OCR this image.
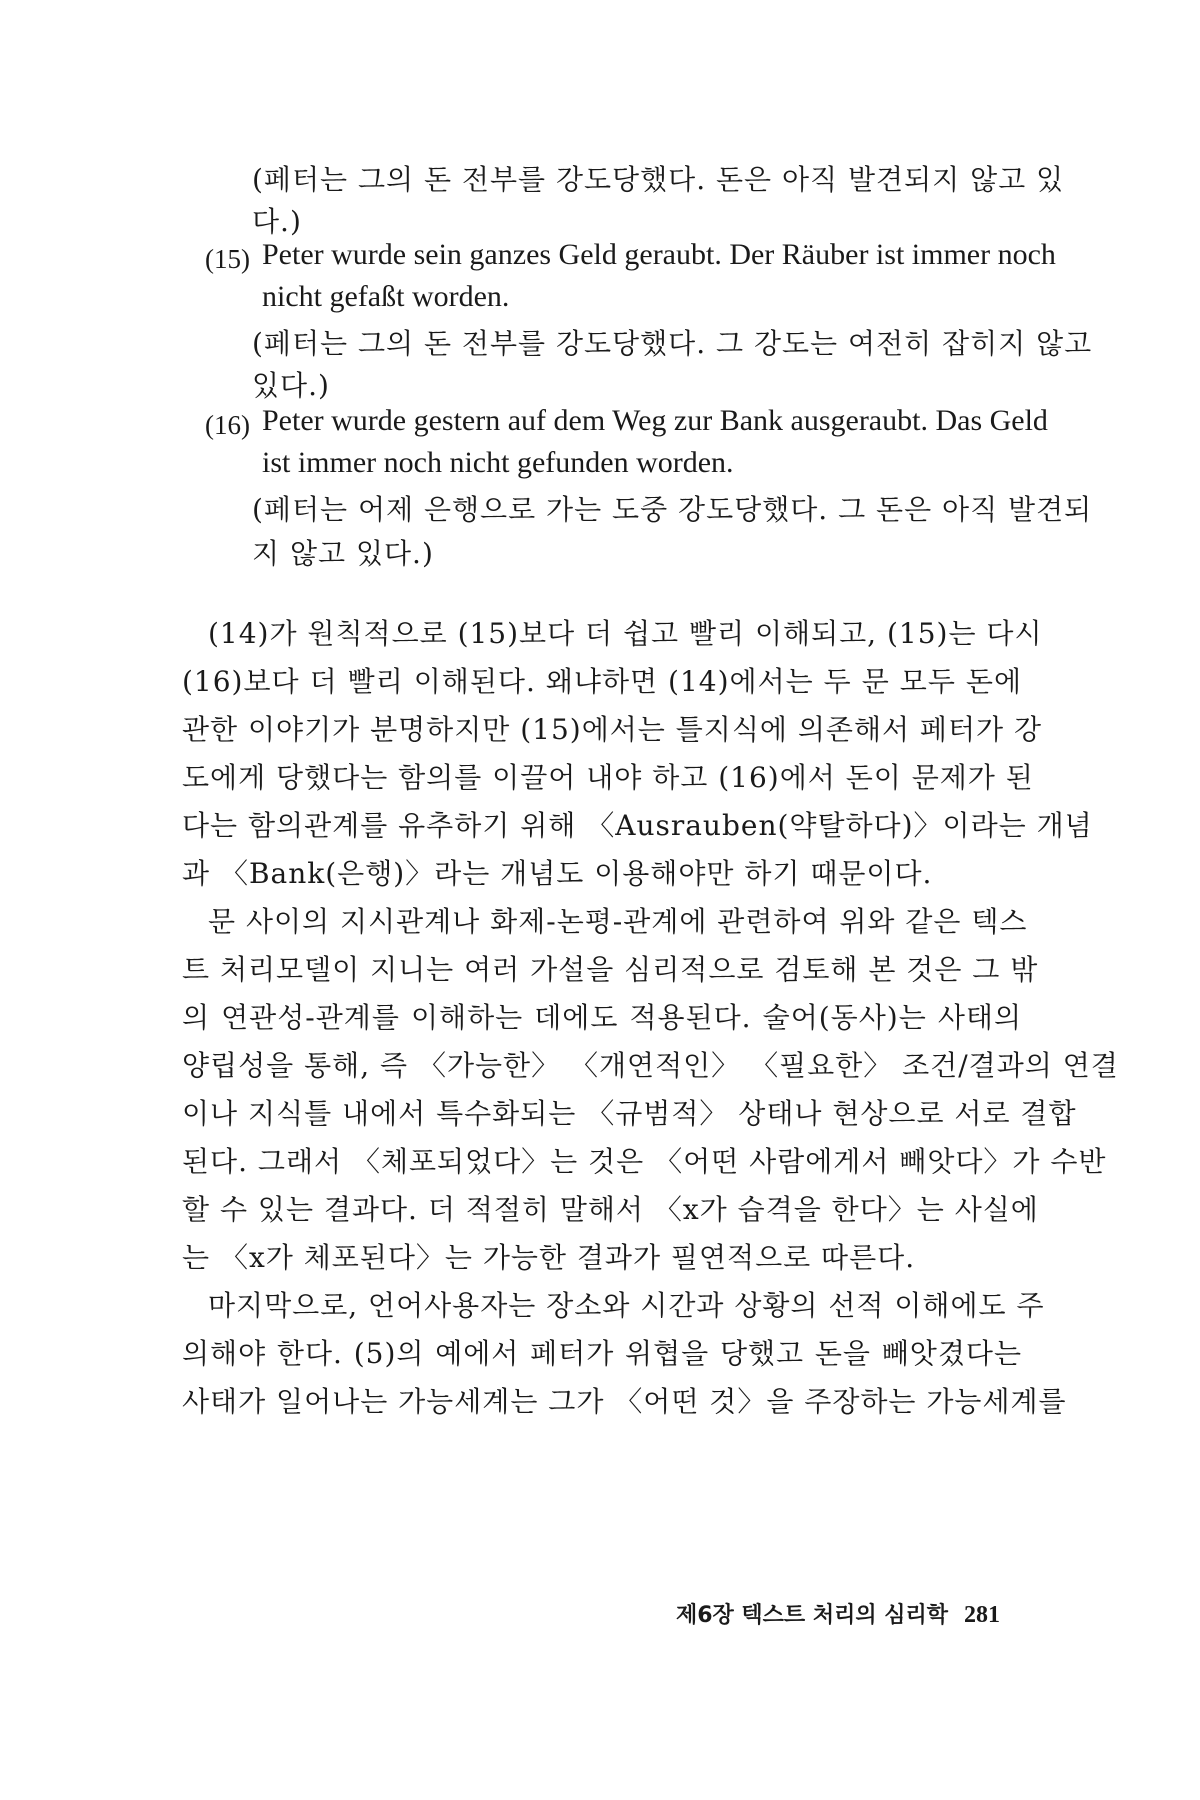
(페터는 그의 돈 전부를 강도당했다. 돈은 아직 발견되지 않고 있
다.)
(15) Peter wurde sein ganzes Geld geraubt. Der Räuber ist immer noch
nicht gefaßt worden.
(페터는 그의 돈 전부를 강도당했다. 그 강도는 여전히 잡히지 않고
있다.)
(16) Peter wurde gestern auf dem Weg zur Bank ausgeraubt. Das Geld
ist immer noch nicht gefunden worden.
(페터는 어제 은행으로 가는 도중 강도당했다. 그 돈은 아직 발견되
지 않고 있다.)
(14)가 원칙적으로 (15)보다 더 쉽고 빨리 이해되고, (15)는 다시
(16)보다 더 빨리 이해된다. 왜냐하면 (14)에서는 두 문 모두 돈에
관한 이야기가 분명하지만 (15)에서는 틀지식에 의존해서 페터가 강
도에게 당했다는 함의를 이끌어 내야 하고 (16)에서 돈이 문제가 된
다는 함의관계를 유추하기 위해 〈Ausrauben(약탈하다)〉이라는 개념
과 〈Bank(은행)〉라는 개념도 이용해야만 하기 때문이다.
문 사이의 지시관계나 화제-논평-관계에 관련하여 위와 같은 텍스
트 처리모델이 지니는 여러 가설을 심리적으로 검토해 본 것은 그 밖
의 연관성-관계를 이해하는 데에도 적용된다. 술어(동사)는 사태의
양립성을 통해, 즉 〈가능한〉 〈개연적인〉 〈필요한〉 조건/결과의 연결
이나 지식틀 내에서 특수화되는 〈규범적〉 상태나 현상으로 서로 결합
된다. 그래서 〈체포되었다〉는 것은 〈어떤 사람에게서 빼앗다〉가 수반
할 수 있는 결과다. 더 적절히 말해서 〈x가 습격을 한다〉는 사실에
는 〈x가 체포된다〉는 가능한 결과가 필연적으로 따른다.
마지막으로, 언어사용자는 장소와 시간과 상황의 선적 이해에도 주
의해야 한다. (5)의 예에서 페터가 위협을 당했고 돈을 빼앗겼다는
사태가 일어나는 가능세계는 그가 〈어떤 것〉을 주장하는 가능세계를
제6장 텍스트 처리의 심리학 281
